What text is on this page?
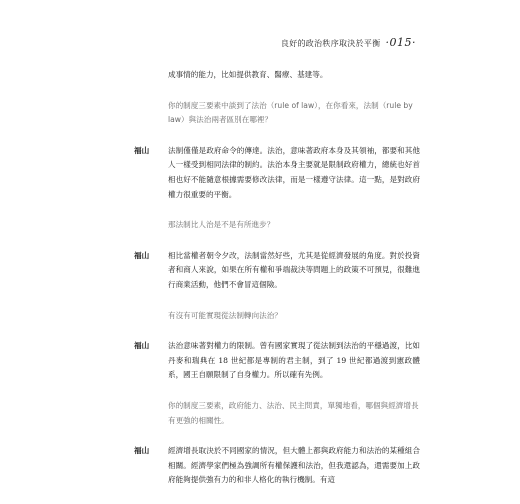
良好的政治秩序取決於平衡 ·015·

成事情的能力，比如提供教育、醫療、基建等。

你的制度三要素中談到了法治（rule of law），在你看來，法制（rule by law）與法治兩者區別在哪裡？

福山 法制僅僅是政府命令的傳達。法治，意味著政府本身及其領袖，都要和其他人一樣受到相同法律的制約。法治本身主要就是限制政府權力，總統也好首相也好不能隨意根據需要修改法律，而是一樣遵守法律。這一點，是對政府權力很重要的平衡。

那法制比人治是不是有所進步？

福山 相比當權者朝令夕改，法制當然好些，尤其是從經濟發展的角度。對於投資者和商人來說，如果在所有權和爭端裁決等問題上的政策不可預見，很難進行商業活動，他們不會冒這個險。

有沒有可能實現從法制轉向法治？

福山 法治意味著對權力的限制。曾有國家實現了從法制到法治的平穩過渡，比如丹麥和瑞典在 18 世紀都是專制的君主制，到了 19 世紀都過渡到憲政體系，國王自願限制了自身權力。所以確有先例。

你的制度三要素，政府能力、法治、民主問責，單獨地看，哪個與經濟增長有更強的相關性。

福山 經濟增長取決於不同國家的情況，但大體上都與政府能力和法治的某種組合相關。經濟學家們極為強調所有權保護和法治，但我還認為，還需要加上政府能夠提供強有力的和非人格化的執行機制。有這
